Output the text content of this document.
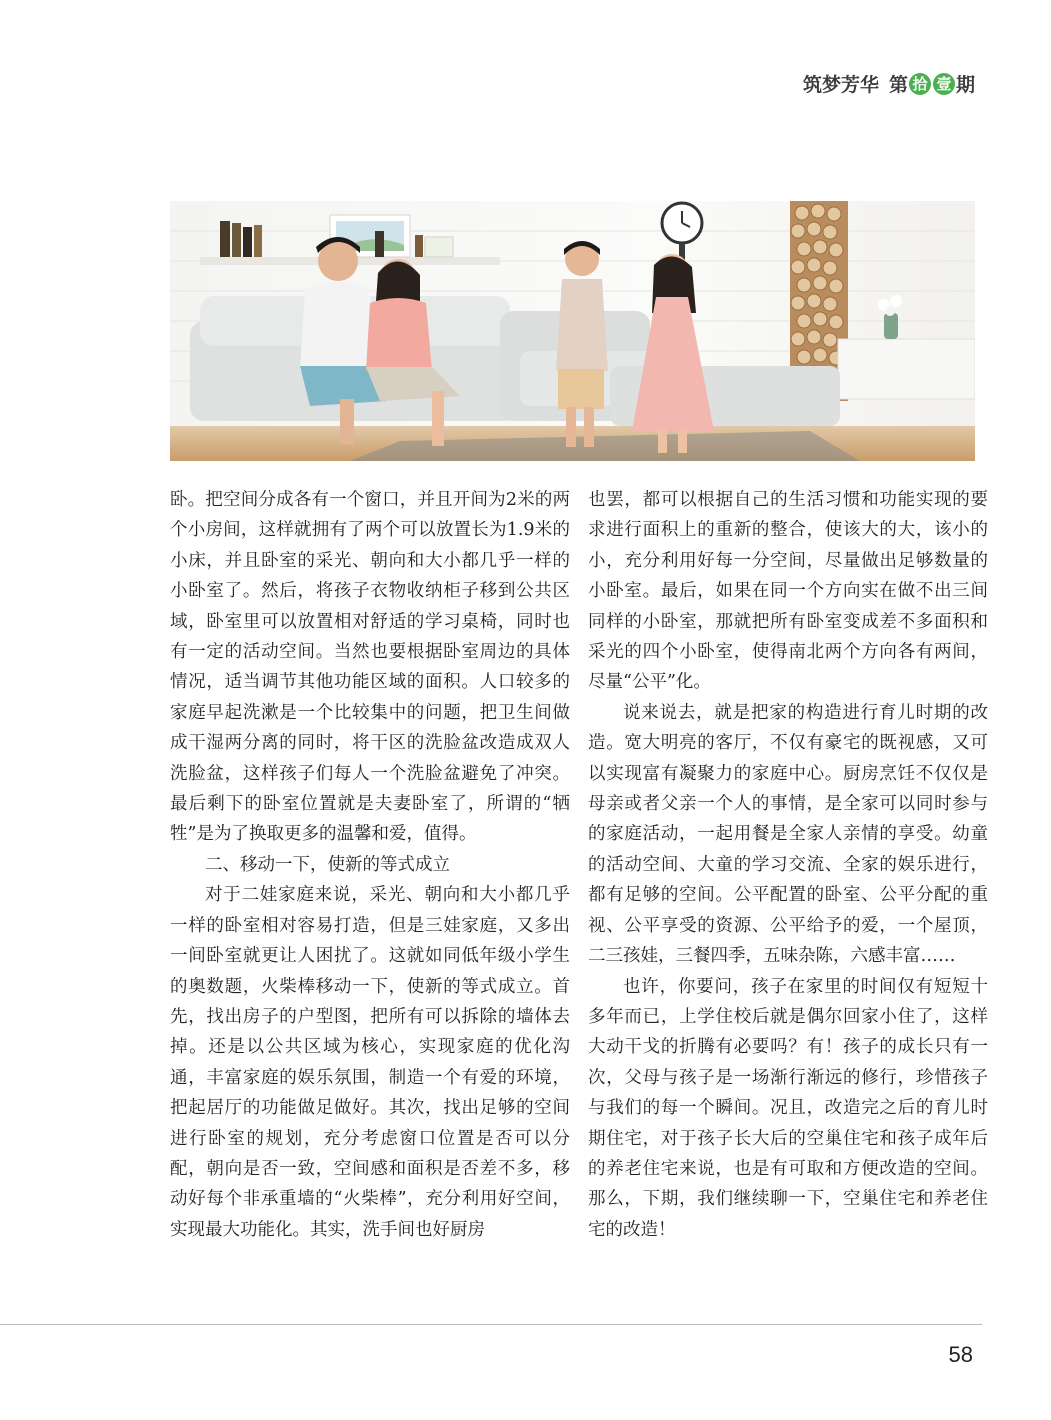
筑梦芳华 第 拾 壹 期

卧。把空间分成各有一个窗口，并且开间为2米的两个小房间，这样就拥有了两个可以放置长为1.9米的小床，并且卧室的采光、朝向和大小都几乎一样的小卧室了。然后，将孩子衣物收纳柜子移到公共区域，卧室里可以放置相对舒适的学习桌椅，同时也有一定的活动空间。当然也要根据卧室周边的具体情况，适当调节其他功能区域的面积。人口较多的家庭早起洗漱是一个比较集中的问题，把卫生间做成干湿两分离的同时，将干区的洗脸盆改造成双人洗脸盆，这样孩子们每人一个洗脸盆避免了冲突。最后剩下的卧室位置就是夫妻卧室了，所谓的“牺牲”是为了换取更多的温馨和爱，值得。

二、移动一下，使新的等式成立

对于二娃家庭来说，采光、朝向和大小都几乎一样的卧室相对容易打造，但是三娃家庭，又多出一间卧室就更让人困扰了。这就如同低年级小学生的奥数题，火柴棒移动一下，使新的等式成立。首先，找出房子的户型图，把所有可以拆除的墙体去掉。还是以公共区域为核心，实现家庭的优化沟通，丰富家庭的娱乐氛围，制造一个有爱的环境，把起居厅的功能做足做好。其次，找出足够的空间进行卧室的规划，充分考虑窗口位置是否可以分配，朝向是否一致，空间感和面积是否差不多，移动好每个非承重墙的“火柴棒”，充分利用好空间，实现最大功能化。其实，洗手间也好厨房

也罢，都可以根据自己的生活习惯和功能实现的要求进行面积上的重新的整合，使该大的大，该小的小，充分利用好每一分空间，尽量做出足够数量的小卧室。最后，如果在同一个方向实在做不出三间同样的小卧室，那就把所有卧室变成差不多面积和采光的四个小卧室，使得南北两个方向各有两间，尽量“公平”化。

说来说去，就是把家的构造进行育儿时期的改造。宽大明亮的客厅，不仅有豪宅的既视感，又可以实现富有凝聚力的家庭中心。厨房烹饪不仅仅是母亲或者父亲一个人的事情，是全家可以同时参与的家庭活动，一起用餐是全家人亲情的享受。幼童的活动空间、大童的学习交流、全家的娱乐进行，都有足够的空间。公平配置的卧室、公平分配的重视、公平享受的资源、公平给予的爱，一个屋顶，二三孩娃，三餐四季，五味杂陈，六感丰富……

也许，你要问，孩子在家里的时间仅有短短十多年而已，上学住校后就是偶尔回家小住了，这样大动干戈的折腾有必要吗？有！孩子的成长只有一次，父母与孩子是一场渐行渐远的修行，珍惜孩子与我们的每一个瞬间。况且，改造完之后的育儿时期住宅，对于孩子长大后的空巢住宅和孩子成年后的养老住宅来说，也是有可取和方便改造的空间。那么，下期，我们继续聊一下，空巢住宅和养老住宅的改造！

58
